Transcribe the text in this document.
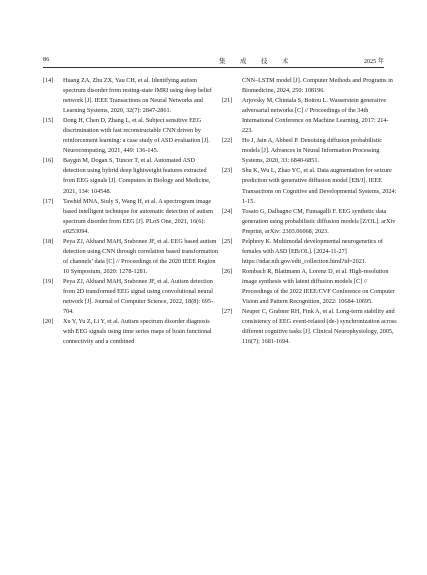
86	集 成 技 术	2025 年
[14] Huang ZA, Zhu ZX, Yau CH, et al. Identifying autism spectrum disorder from resting-state fMRI using deep belief network [J]. IEEE Transactions on Neural Networks and Learning Systems, 2020, 32(7): 2847-2861.
[15] Dong H, Chen D, Zhang L, et al. Subject sensitive EEG discrimination with fast reconstructable CNN driven by reinforcement learning: a case study of ASD evaluation [J]. Neurocomputing, 2021, 449: 136-145.
[16] Baygın M, Dogan S, Tuncer T, et al. Automated ASD detection using hybrid deep lightweight features extracted from EEG signals [J]. Computers in Biology and Medicine, 2021, 134: 104548.
[17] Tawhid MNA, Siuly S, Wang H, et al. A spectrogram image based intelligent technique for automatic detection of autism spectrum disorder from EEG [J]. PLoS One, 2021, 16(6): e0253094.
[18] Peya ZJ, Akhand MAH, Srabonee JF, et al. EEG based autism detection using CNN through correlation based transformation of channels’ data [C] // Proceedings of the 2020 IEEE Region 10 Symposium, 2020: 1278-1281.
[19] Peya ZJ, Akhand MAH, Srabonee JF, et al. Autism detection from 2D transformed EEG signal using convolutional neural network [J]. Journal of Computer Science, 2022, 18(8): 695-704.
[20] Xu Y, Yu Z, Li Y, et al. Autism spectrum disorder diagnosis with EEG signals using time series maps of brain functional connectivity and a combined
CNN–LSTM model [J]. Computer Methods and Programs in Biomedicine, 2024, 250: 108196.
[21] Arjovsky M, Chintala S, Bottou L. Wasserstein generative adversarial networks [C] // Proceedings of the 34th International Conference on Machine Learning, 2017: 214-223.
[22] Ho J, Jain A, Abbeel P. Denoising diffusion probabilistic models [J]. Advances in Neural Information Processing Systems, 2020, 33: 6840-6851.
[23] Shu K, Wu L, Zhao YC, et al. Data augmentation for seizure prediction with generative diffusion model [EB/J]. IEEE Transactions on Cognitive and Developmental Systems, 2024: 1-15.
[24] Tosato G, Dalbagno CM, Fumagalli F. EEG synthetic data generation using probabilistic diffusion models [Z/OL]. arXiv Preprint, arXiv: 2303.06068, 2023.
[25] Pelphrey K. Multimodal developmental neurogenetics of females with ASD [EB/OL]. [2024-11-27] https://ndar.nih.gov/edit_collection.html?id=2021.
[26] Rombach R, Blattmann A, Lorenz D, et al. High-resolution image synthesis with latent diffusion models [C] // Proceedings of the 2022 IEEE/CVF Conference on Computer Vision and Pattern Recognition, 2022: 10684-10695.
[27] Neuper C, Grabner RH, Fink A, et al. Long-term stability and consistency of EEG event-related (de-) synchronization across different cognitive tasks [J]. Clinical Neurophysiology, 2005, 116(7): 1681-1694.
